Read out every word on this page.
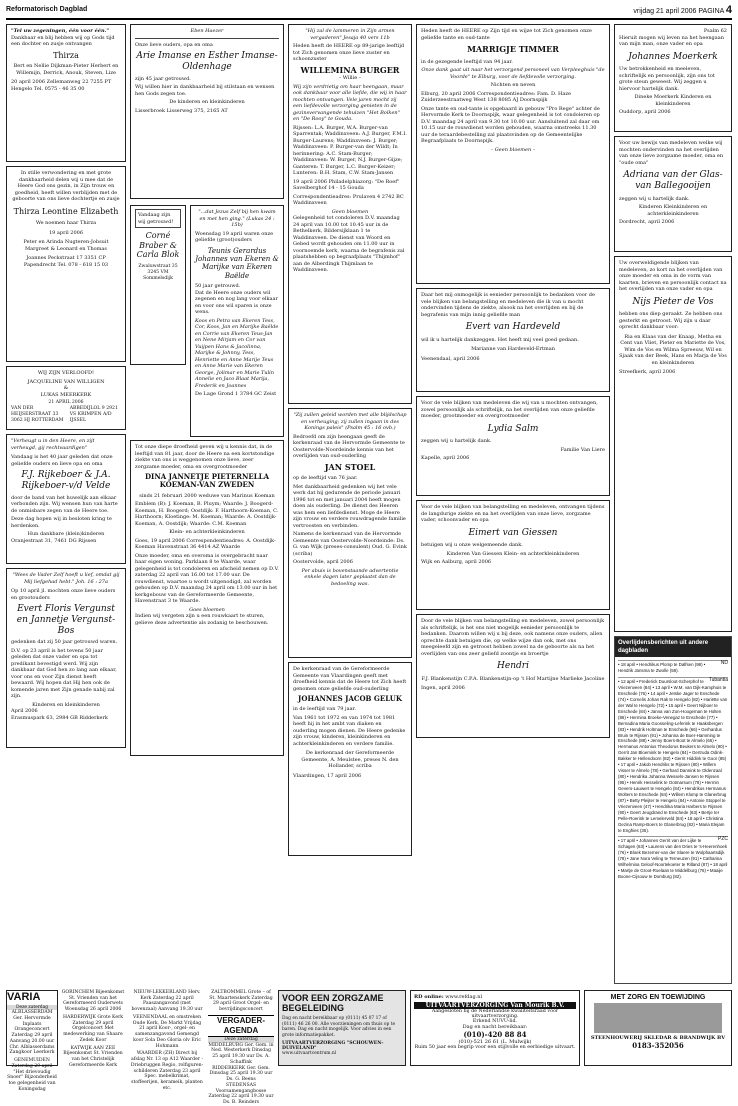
Reformatorisch Dagblad	vrijdag 21 april 2006 PAGINA 4
"Tel uw zegeningen, één voor één."
Dankbaar en blij hebben wij op Gods tijd een dochter en zusje ontvangen
Thirza
Bert en Nellie Dijkman-Pieter Herbert en Willemijn, Derrick, Anouk, Steven, Lize
20 april 2006 Zellemanweg 22 7255 PT Hengelo Tel. 0575 - 46 35 00
In stille verwondering en met grote dankbaarheid delen wij u mee dat de Heere God ons gezin, in Zijn trouw en goedheid, heeft willen verblijden met de geboorte van ons lieve dochtertje en zusje
Thirza Leontine Elizabeth
We noemen haar Thirza
19 april 2006
Peter en Arinda Nugteren-Jobsuit Margreet & Leonard en Thomas
Joannes Peckstraat 17 3351 CP Papendrecht Tel. 078 - 618 15 03
WIJ ZIJN VERLOOFD!
JACQUELINE VAN WILLIGEN
&
LUKAS MEERKERK
21 APRIL 2006
VAN DER HEIJSERSTRAAT 33 3062 HJ ROTTERDAM
ABBEDIJLOL 9 2921 VS KRIMPEN A/D IJSSEL
"Verheugt u in den Heere, en zijt verheugd, gij rechtvaardigen"
Vandaag is het 40 jaar geleden dat onze geliefde ouders en lieve opa en oma
F.J. Rijkeboer & J.A. Rijkeboer-v/d Velde
door de band van het huwelijk aan elkaar verbonden zijn. Wij wensen hun van harte de onmisbare zegen van de Heere toe.
Deze dag hopen wij in besloten kring te herdenken.
Hun dankbare (klein)kinderen
Oranjestraat 31, 7461 DG Rijssen
"Wees de Vader Zelf hoeft u lief, omdat gij Mij liefgehad hebt." Joh. 16 : 27a
Op 10 april jl. mochten onze lieve ouders en grootouders
Evert Floris Vergunst en Jannetje Vergunst-Bos
gedenken dat zij 50 jaar getrouwd waren.
D.V. op 23 april is het tevens 50 jaar geleden dat onze vader en opa tot predikant bevestigd werd. Wij zijn dankbaar dat God hen zo lang aan elkaar, voor ons en voor Zijn dienst heeft bewaard. Wij hopen dat Hij hen ook de komende jaren met Zijn genade nabij zal zijn.
Kinderen en kleinkinderen
April 2006
Erasmuspark 63, 2984 GB Ridderkerk
Vandaag zijn wij getrouwd!
Corné Braber & Carla Blok
Zwaluwstraat 35 3245 VM Sommelsdijk
Eben Haezer
Onze lieve ouders, opa en oma
Arie Imanse en Esther Imanse-Oldenhage
zijn 45 jaar getrouwd.
Wij willen hier in dankbaarheid bij stilstaan en wensen hen Gods zegen toe.
De kinderen en kleinkinderen
Lisserbroek Lisserweg 375, 2165 AT
"...dat Jezus Zelf bij hen kwam en met hen ging." (Lukas 24 : 15b)
Woensdag 19 april waren onze geliefde (groot)ouders
Teunis Gerardus Johannes van Ekeren & Marijke van Ekeren Baëlde
50 jaar getrouwd.
Dat de Heere onze ouders wil zegenen en nog lang voor elkaar en voor ons wil sparen is onze wens.
Koos en Petra van Ekeren Tess, Cor, Koos, Jan en Marijke Baëlde en Corrie van Ekeren Teus-Jan en Nene Mirjam en Cor van Vuijpen Hans & Jacolinna, Marijke & Johnny, Tess, Henriette en Anne Marije Teus en Anne Marie van Ekeren George, Jolimar en Marie Tulin Annelie en Jaco Blaat Marija, Frederik en Joannes
De Lage Grond 1 3784 GC Zeist
Tot onze diepe droefheid geven wij u kennis dat, in de leeftijd van 81 jaar, door de Heere na een kortstondige ziekte van ons is weggenomen onze lieve, zeer zorgzame moeder, oma en overgrootmoeder
DINA JANNETJE PIETERNELLA KOEMAN-VAN ZWEDEN
sinds 21 februari 2000 weduwe van Marinus Koeman
Emblem (B): J. Koeman, B. Pluym; Waarde: J. Boogerd-Koeman, H. Boogerd; Oostdijk: F. Harthoorn-Koeman, C. Harthoorn; Kloetinge: M. Koeman; Waarde: A. Oostdijk-Koeman, A. Oostdijk; Waarde: C.M. Koeman
Klein- en achterkleinkinderen
Goes, 19 april 2006 Correspondentieadres: A. Oostdijk-Koeman Havenstraat 36 4414 AZ Waarde
Onze moeder, oma en overoma is overgebracht naar haar eigen woning. Parklaan 8 te Waarde, waar gelegenheid is tot condoleren en afscheid nemen op D.V. zaterdag 22 april van 16.00 tot 17.00 uur. De rouwdienst, waartoe u wordt uitgenodigd, zal worden gehouden op D.V. maandag 24 april om 13.00 uur in het kerkgebouw van de Gereformeerde Gemeente, Havenstraat 3 te Waarde.
Goes bloemen
Indien wij vergeten zijn u een rouwkaart te sturen, gelieve deze advertentie als zodanig te beschouwen.
"Hij zal de lammeren in Zijn armen vergaderen" Jesaja 40 vers 11b
Heden heeft de HEERE op 89-jarige leeftijd tot Zich genomen onze lieve zuster en schoonzuster
WILLEMINA BURGER
– Willie –
Wij zijn verdrietig om haar heengaan, maar ook dankbaar voor alle liefde, die wij in haar mochten ontvangen. Vele jaren mocht zij een liefdevolle verzorging genieten in de gezinsvervangende tehuizen "Het Bolken" en "De Rooy" te Gouda.
Rijssen: L.A. Burger, W.A. Burger-van Sparrentak; Waddinxveen: A.J. Burger, F.M.I. Burger-Laurens; Waddinxveen: J. Burger; Waddinxveen: P. Burger-van der Wildt; In herinnering: A.C. Stam-Burger; Waddinxveen: W. Burger, N.J. Burger-Gijze; Ganteren: T. Burger, L.C. Burger-Keizer; Lunteren: B.H. Stam, C.W. Stam-Jansen
19 april 2006 Philadelphiazorg: "De Roef" Savelberghof 14 - 15 Gouda
Correspondentieadres: Prulaven 4 2742 BC Waddinxveen
Geen bloemen
Gelegenheid tot condoleren D.V. maandag 24 april van 10.00 tot 10.45 uur in de Bethelkerk, Bildersijklaan 1 te Waddinxveen. De dienst van Woord en Gebed wordt gehouden om 11.00 uur in voornoemde kerk, waarna de begrafenis zal plaatshebben op begraafplaats "Thijmhof" aan de Alberdingk Thijmlaan te Waddinxveen.
"Zij zullen geleid worden met alle blijdschap en verheuging; zij zullen ingaan in des Konings paleis" (Psalm 45 : 16 ovb.)
Bedroefd om zijn heengaan geeft de kerkenraad van de Hervormde Gemeente te Oostervolde-Noordeinde kennis van het overlijden van oud-ouderling
JAN STOEL
op de leeftijd van 76 jaar.
Met dankbaarheid gedenken wij het vele werk dat hij gedurende de periode januari 1996 tot en met januari 2004 heeft mogen doen als ouderling. De dienst des Heeren was hem een liefdedienst. Moge de Heere zijn vrouw en verdere rouwdragende familie vertroosten en verbinden.
Namens de kerkenraad van de Hervormde Gemeente van Oostervolde-Noordeinde: Ds. G. van Wijk (preses-consulent) Oud. G. Evink (scriba)
Oostervolde, april 2006
Per abuis is bovenstaande advertentie enkele dagen later geplaatst dan de bedoeling was.
De kerkenraad van de Gereformeerde Gemeente van Vlaardingen geeft met droefheid kennis dat de Heere tot Zich heeft genomen onze geliefde oud-ouderling
JOHANNES JACOB GELUK
in de leeftijd van 79 jaar.
Van 1961 tot 1972 en van 1974 tot 1981 heeft hij in het ambt van diaken en ouderling mogen dienen. De Heere gedenke zijn vrouw, kinderen, kleinkinderen en achterkleinkinderen en verdere familie.
De kerkenraad der Gereformeerde Gemeente, A. Meulstee, preses N. den Hollander, scriba
Vlaardingen, 17 april 2006
Heden heeft de HEERE op Zijn tijd en wijze tot Zich genomen onze geliefde tante en oud-tante
MARRIGJE TIMMER
in de gezegende leeftijd van 94 jaar.
Onze dank gaat uit naar het verzorgend personeel van Verpleeghuis "de Voorde" te Elburg, voor de liefdevolle verzorging.
Nichten en neven
Elburg, 20 april 2006 Correspondentieadres: Fam. D. Haze Zuiderzeestraatweg West 138 8085 AJ Doornspijk
Onze tante en oud-tante is opgebaard in gebouw "Pro Rege" achter de Hervormde Kerk te Doornspijk, waar gelegenheid is tot condoleren op D.V. maandag 24 april van 9.30 tot 10.00 uur. Aansluitend zal daar om 10.15 uur de rouwdienst worden gehouden, waarna omstreeks 11.30 uur de teraardebestelling zal plaatsvinden op de Gemeentelijke Begraafplaats te Doornspijk.
– Geen bloemen –
Daar het mij onmogelijk is eenieder persoonlijk te bedanken voor de vele blijken van belangstelling en medeleven die ik van u mocht ondervinden tijdens de ziekte, alsook na het overlijden en bij de begrafenis van mijn innig geliefde man
Evert van Hardeveld
wil ik u hartelijk dankzeggen. Het heeft mij veel goed gedaan.
Marianne van Hardeveld-Ertman
Veenendaal, april 2006
Voor de vele blijken van medeleven die wij van u mochten ontvangen, zowel persoonlijk als schriftelijk, na het overlijden van onze geliefde moeder, grootmoeder en overgrootmoeder
Lydia Salm
zeggen wij u hartelijk dank.
Familie Van Liere
Kapelle, april 2006
Voor de vele blijken van belangstelling en medeleven, ontvangen tijdens de langdurige ziekte en na het overlijden van onze lieve, zorgzame vader, schoonvader en opa
Eimert van Giessen
betuigen wij u onze welgemeende dank.
Kinderen Van Giessen Klein- en achterkleinkinderen
Wijk en Aalburg, april 2006
Door de vele blijken van belangstelling en medeleven, zowel persoonlijk als schriftelijk, is het ons niet mogelijk eenieder persoonlijk te bedanken. Daarom willen wij u bij deze, ook namens onze ouders, allen oprechte dank betuigen die, op welke wijze dan ook, met ons meegeleefd zijn en getroost hebben zowel na de geboorte als na het overlijden van ons zeer geliefd zoontje en broertje
Hendri
F.J. Blankenstijn C.P.A. Blankenstijn-op 't Hof Martijne Marlieke Jacoline
Ingen, april 2006
Psalm 62
Hieruit mogen wij leven na het heengaan van mijn man, onze vader en opa
Johannes Moerkerk
Uw betrokkenheid en meeleven, schriftelijk en persoonlijk, zijn ons tot grote steun geweest. Wij zeggen u hiervoor hartelijk dank.
Dineke Moerkerk Kinderen en kleinkinderen
Ouddorp, april 2006
Voor uw bewijs van medeleven welke wij mochten ondervinden na het overlijden van onze lieve zorgzame moeder, oma en "oude oma"
Adriana van der Glas-van Ballegooijen
zeggen wij u hartelijk dank.
Kinderen Kleinkinderen en achterkleinkinderen
Dordrecht, april 2006
Uw overweldigende blijken van medeleven, zo kort na het overlijden van onze moeder en oma in de vorm van kaarten, brieven en persoonlijk contact na het overlijden van onze vader en opa
Nijs Pieter de Vos
hebben ons diep geraakt. Ze hebben ons gesterkt en getroost. Wij zijn u daar oprecht dankbaar voor:
Ria en Klaas van der Knaap, Metha en Cent van Vliet, Pieter en Mariette de Vos, Wim de Vos en Wilma Spreeuw, Wil en Sjaak van der Beek, Hans en Marja de Vos en kleinkinderen
Streefkerk, april 2006
Overlijdensberichten uit andere dagbladen
ND
• 18 april • Hendrikus Plomp te Dalfsen (98) • Hendrik Jansma te Zwolle (59).
Tubantia
• 12 april • Frederick Duursloot-Scherphof te Vriezenveen (84) • 13 april • W.M. van Dijk-Kamphuis te Enschede (76) • 14 april • Jetske Jager te Enschede (74) • Cornelis Johan Rak te Hengelo (82) • Hariëtte van der Wal te Hengelo (72) • 15 april • Geert Nijboer te Enschede (84) • Janna van Zon-Hoogeman te Holten (86) • Hermina Broeke-Venegaz te Enschede (77) • Bernadina Maria Goosseling-Leferink te Haaksbergen (83) • Hendrik Holtman te Enschede (66) • Gerhardus Bruin te Rijssen (91) • Johanna de Boer-Hamming te Enschede (88) • Jenny Boers-Boot te Almelo (66) • Hermanus Antonius Theodorus Beukers te Almelo (90) • Gerrit Jan Bloemink te Hengelo (84) • Gertruda Odink-Bakker te Hellendoorn (82) • Gerrit Hiddink te Goor (85) • 17 april • Jakob Hendriks te Rijssen (80) • Willem Visser te Almelo (78) • Gerhard Dannink te Oldenzaal (80) • Hendrika Johanna Wessels-Jansen te Rijssen (95) • Henrik Hesselink te Ootmarsum (78) • Hermin Gevers-Lauwert te Hengelo (84) • Hendrikus Hermanus Wolters te Enschede (84) • Willem Klomp te Glanerbrug (87) • Betty Pleijter te Hengelo (84) • Antonie Stoppel te Vriezenveen (47) • Hendrika Maria Harbers te Rijssen (90) • Geert Jeugdrand te Enschede (63) • Bertje ter Pelle-Roerink te Lemelerveld (84) • 18 april • Christina Gezina Ramp-Boers te Glanerbrug (82) • Maria Elejam te Enghies (35).
PZC
• 17 april • Johannes Gerrit van der Lijke te Schagen (63) • Laurens van den Dries te 's-Heerenhoek (76) • Bloek Bezemer-van der Slaere te Wolphaartsdijk (78) • Jane Nora Veling te Terneuzen (91) • Catharina Wilhelmina Geloof-Noortekoeter te Rilland (87) • 18 april • Martje de Groot-Roelaan te Middelburg (76) • Maaije Boone-Cijsouw te Domburg (82).
VARIA
Deze zaterdag
ALBLASSERDAM Ger. Hervormde Inplaats Orangeconcert Zaterdag 29 april Aanvang 20.00 uur Chr. Alblasserdams Zangkoor Leerkerk
GENEMUIDEN Zaterdag 29 april "Het drievoudig Snoer" Bijzonderheid toe gelegenheid van Koningsdag
GORINCHEM Bijeenkomst St. Vrienden van het Gereformeerd Ouderwets Woensdag 26 april 2006
HARDERWIJK Grote Kerk Zaterdag 29 april Orgelconcert Met medewerking van Shaare Zedek Koor
KATWIJK AAN ZEE Bijeenkomst St. Vrienden van het Christelijk Gereformeerde Kerk
NIEUW-LEKKERLAND Herv. Kerk Zaterdag 22 april Paaszangavond (met bovenzaal) Aanvang 19.30 uur
VEENENDAAL en omstreken Oude Kerk, De Markt Vrijdag 21 april Koor-, orgel- en samenzangavond Gemengd koor Sola Deo Gloria olv Eric Hohmann
WAARDER (ZH) Direct bij afslag Nr. 13 op A12 Waarder - Driebruggen Regio, rolfiguren-schilderen Zaterdag 23 april Spec. mebelkrimat, stoffeerijen, kerameik, planten etc.
ZALTBOMMEL Grote – of St. Maartenskerk Zaterdag 29 april Groot Orgel- en bevrijdingsconcert
VERGADER-AGENDA
Deze zaterdag
MIDDELBURG Ger. Gem. in Ned. Westerkerk Dinsdag 25 april 19.30 uur Ds. A. Schaffink
RIDDERKERK Ger. Gem. Dinsdag 25 april 19.30 uur Ds. G. Beens
STEDENSAS Voorsamengangbosse Zaterdag 22 april 19.30 uur Ds. B. Reinders
VOOR EEN ZORGZAME BEGELEIDING
Dag en nacht bereikbaar op (0111) 45 07 17 of (0111) 46 26 00. Alle voorzieningen om thuis op te baren. Dag en nacht mogelijk. Voor advies in een grote informatiepakket.
UITVAARTVERZORGING "SCHOUWEN-DUIVELAND"
www.uitvaartcentrum.nl
RD online: www.refdag.nl
UITVAARTVERZORGING Van Mourik B.V.
Aangesloten bij de Nederlandse kwaliteitsraad voor uitvaartverzorging.
Erkend NUVU-lid.
Dag en nacht bereikbaar:
(010)-420 88 84
(010)-521 26 61 (L. Mulwijk)
Ruim 50 jaar een begrip voor een stijlvolle en eerbiedige uitvaart.
MET ZORG EN TOEWIJDING
STEENHOUWERIJ SKLEDAR & BRANDWIJK BV
0183-352056
